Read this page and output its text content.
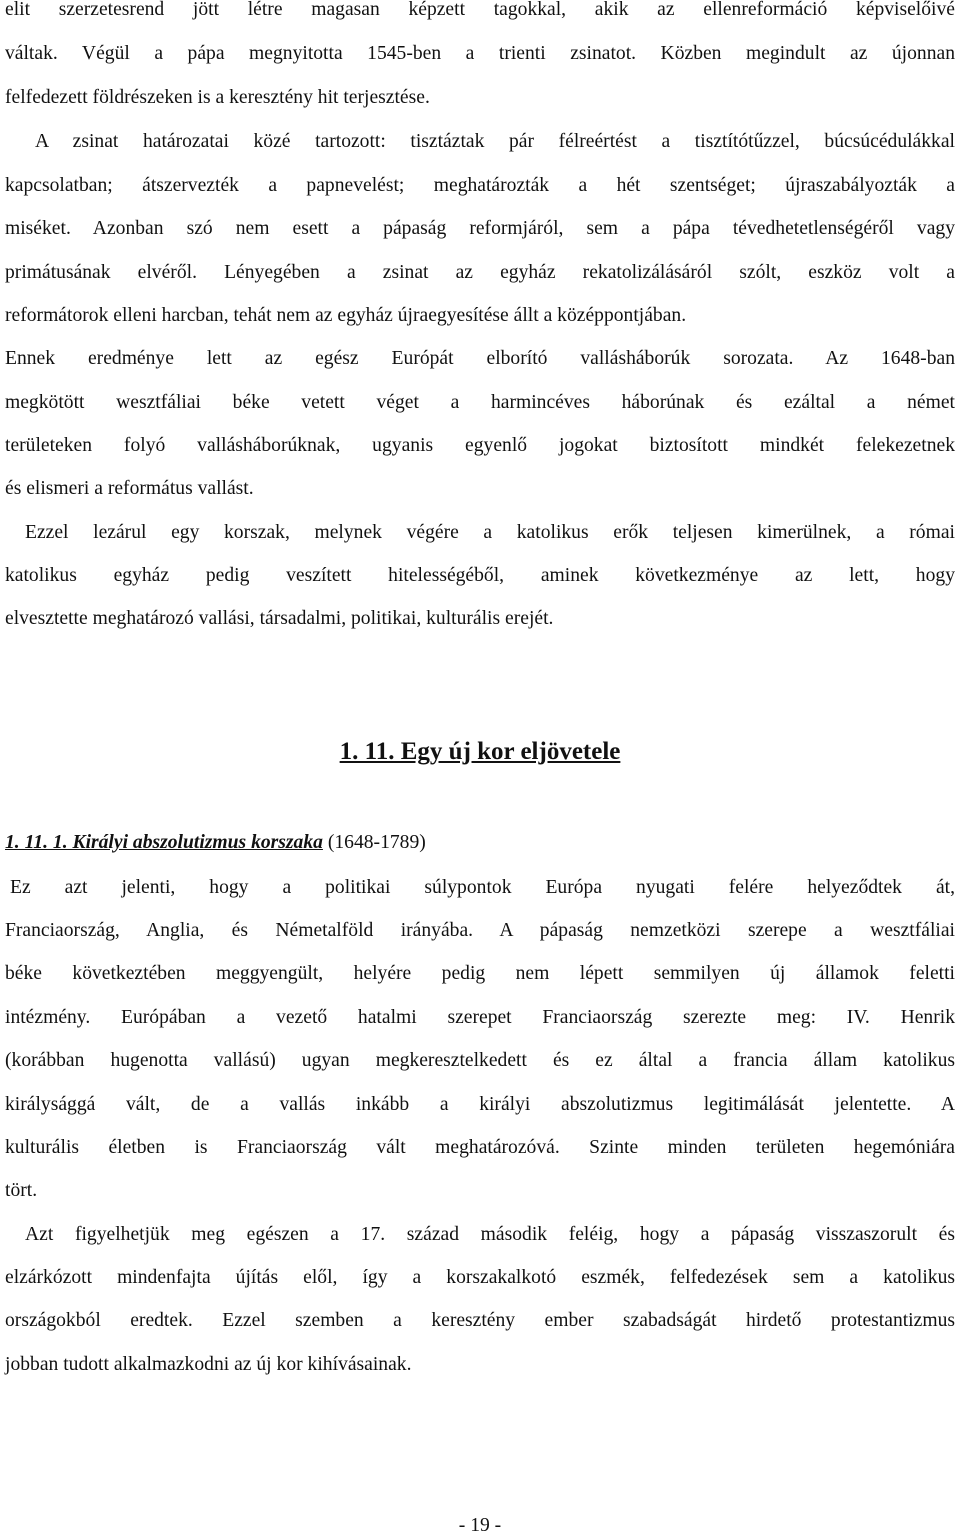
elit szerzetesrend jött létre magasan képzett tagokkal, akik az ellenreformáció képviselőivé

váltak. Végül a pápa megnyitotta 1545-ben a trienti zsinatot. Közben megindult az újonnan

felfedezett földrészeken is a keresztény hit terjesztése.

A zsinat határozatai közé tartozott: tisztáztak pár félreértést a tisztítótűzzel, búcsúcédulákkal

kapcsolatban; átszervezték a papnevelést; meghatározták a hét szentséget; újraszabályozták a

miséket. Azonban szó nem esett a pápaság reformjáról, sem a pápa tévedhetetlenségéről vagy

primátusának elvéről. Lényegében a zsinat az egyház rekatolizálásáról szólt, eszköz volt a

reformátorok elleni harcban, tehát nem az egyház újraegyesítése állt a középpontjában.

Ennek eredménye lett az egész Európát elborító vallásháborúk sorozata. Az 1648-ban

megkötött wesztfáliai béke vetett véget a harmincéves háborúnak és ezáltal a német

területeken folyó vallásháborúknak, ugyanis egyenlő jogokat biztosított mindkét felekezetnek

és elismeri a református vallást.

Ezzel lezárul egy korszak, melynek végére a katolikus erők teljesen kimerülnek, a római

katolikus egyház pedig veszített hitelességéből, aminek következménye az lett, hogy

elvesztette meghatározó vallási, társadalmi, politikai, kulturális erejét.

1. 11. Egy új kor eljövetele
1. 11. 1. Királyi abszolutizmus korszaka (1648-1789)

Ez azt jelenti, hogy a politikai súlypontok Európa nyugati felére helyeződtek át,

Franciaország, Anglia, és Németalföld irányába. A pápaság nemzetközi szerepe a wesztfáliai

béke következtében meggyengült, helyére pedig nem lépett semmilyen új államok feletti

intézmény. Európában a vezető hatalmi szerepet Franciaország szerezte meg: IV. Henrik

(korábban hugenotta vallású) ugyan megkeresztelkedett és ez által a francia állam katolikus

királysággá vált, de a vallás inkább a királyi abszolutizmus legitimálását jelentette. A

kulturális életben is Franciaország vált meghatározóvá. Szinte minden területen hegemóniára

tört.

Azt figyelhetjük meg egészen a 17. század második feléig, hogy a pápaság visszaszorult és

elzárkózott mindenfajta újítás elől, így a korszakalkotó eszmék, felfedezések sem a katolikus

országokból eredtek. Ezzel szemben a keresztény ember szabadságát hirdető protestantizmus

jobban tudott alkalmazkodni az új kor kihívásainak.

- 19 -
